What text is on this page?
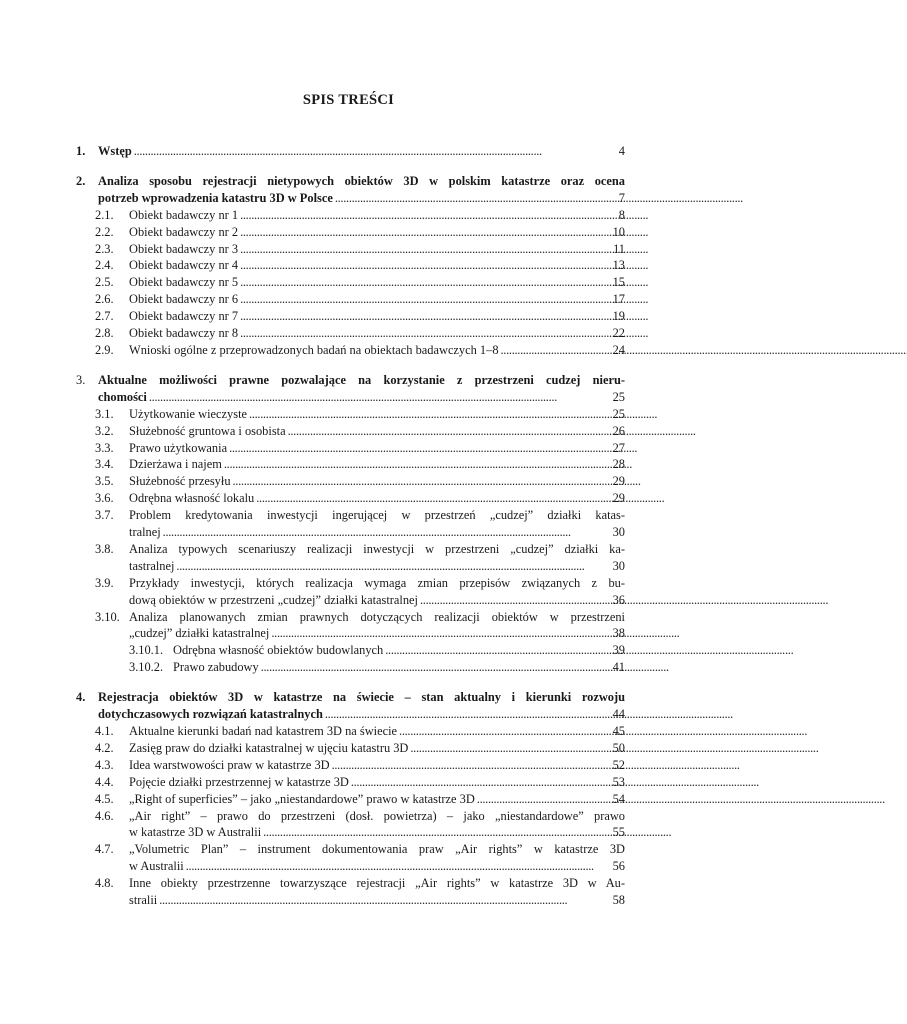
SPIS TREŚCI
1.	Wstęp . . .	4
2.	Analiza sposobu rejestracji nietypowych obiektów 3D w polskim katastrze oraz ocena
potrzeb wprowadzenia katastru 3D w Polsce . . .	7
2.1.	Obiekt badawczy nr 1 . . .	8
2.2.	Obiekt badawczy nr 2 . . .	10
2.3.	Obiekt badawczy nr 3 . . .	11
2.4.	Obiekt badawczy nr 4 . . .	13
2.5.	Obiekt badawczy nr 5 . . .	15
2.6.	Obiekt badawczy nr 6 . . .	17
2.7.	Obiekt badawczy nr 7 . . .	19
2.8.	Obiekt badawczy nr 8 . . .	22
2.9.	Wnioski ogólne z przeprowadzonych badań na obiektach badawczych 1–8 . . .	24
3.	Aktualne możliwości prawne pozwalające na korzystanie z przestrzeni cudzej nieru-
chomości . . .	25
3.1.	Użytkowanie wieczyste . . .	25
3.2.	Służebność gruntowa i osobista . . .	26
3.3.	Prawo użytkowania . . .	27
3.4.	Dzierżawa i najem . . .	28
3.5.	Służebność przesyłu . . .	29
3.6.	Odrębna własność lokalu . . .	29
3.7.	Problem kredytowania inwestycji ingerującej w przestrzeń „cudzej” działki katas-
tralnej . . .	30
3.8.	Analiza typowych scenariuszy realizacji inwestycji w przestrzeni „cudzej” działki ka-
tastralnej . . .	30
3.9.	Przykłady inwestycji, których realizacja wymaga zmian przepisów związanych z bu-
dową obiektów w przestrzeni „cudzej” działki katastralnej . . .	36
3.10. Analiza planowanych zmian prawnych dotyczących realizacji obiektów w przestrzeni
„cudzej” działki katastralnej . . .	38
3.10.1. Odrębna własność obiektów budowlanych . . .	39
3.10.2. Prawo zabudowy . . .	41
4.	Rejestracja obiektów 3D w katastrze na świecie – stan aktualny i kierunki rozwoju
dotychczasowych rozwiązań katastralnych . . .	44
4.1.	Aktualne kierunki badań nad katastrem 3D na świecie . . .	45
4.2.	Zasięg praw do działki katastralnej w ujęciu katastru 3D . . .	50
4.3.	Idea warstwowości praw w katastrze 3D . . .	52
4.4.	Pojęcie działki przestrzennej w katastrze 3D . . .	53
4.5.	„Right of superficies” – jako „niestandardowe” prawo w katastrze 3D . . .	54
4.6.	„Air right” – prawo do przestrzeni (dosł. powietrza) – jako „niestandardowe” prawo
w katastrze 3D w Australii . . .	55
4.7.	„Volumetric Plan” – instrument dokumentowania praw „Air rights” w katastrze 3D
w Australii . . .	56
4.8.	Inne obiekty przestrzenne towarzyszące rejestracji „Air rights” w katastrze 3D w Au-
stralii . . .	58
